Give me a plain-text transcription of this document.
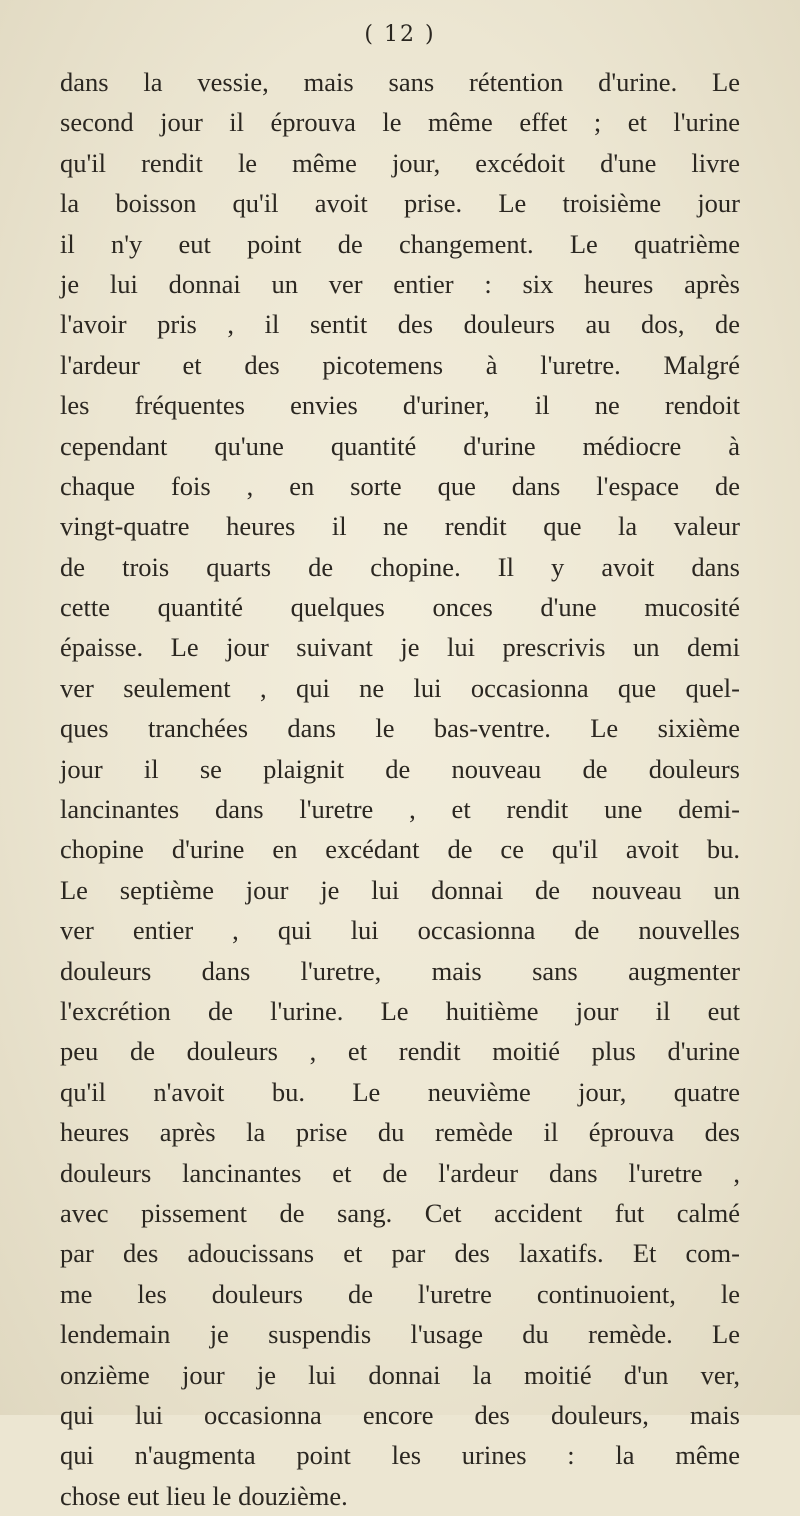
( 12 )
dans la vessie, mais sans rétention d'urine. Le
second jour il éprouva le même effet ; et l'urine
qu'il rendit le même jour, excédoit d'une livre
la boisson qu'il avoit prise. Le troisième jour
il n'y eut point de changement. Le quatrième
je lui donnai un ver entier : six heures après
l'avoir pris , il sentit des douleurs au dos, de
l'ardeur et des picotemens à l'uretre. Malgré
les fréquentes envies d'uriner, il ne rendoit
cependant qu'une quantité d'urine médiocre à
chaque fois , en sorte que dans l'espace de
vingt-quatre heures il ne rendit que la valeur
de trois quarts de chopine. Il y avoit dans
cette quantité quelques onces d'une mucosité
épaisse. Le jour suivant je lui prescrivis un demi
ver seulement , qui ne lui occasionna que quel-
ques tranchées dans le bas-ventre. Le sixième
jour il se plaignit de nouveau de douleurs
lancinantes dans l'uretre , et rendit une demi-
chopine d'urine en excédant de ce qu'il avoit bu.
Le septième jour je lui donnai de nouveau un
ver entier , qui lui occasionna de nouvelles
douleurs dans l'uretre, mais sans augmenter
l'excrétion de l'urine. Le huitième jour il eut
peu de douleurs , et rendit moitié plus d'urine
qu'il n'avoit bu. Le neuvième jour, quatre
heures après la prise du remède il éprouva des
douleurs lancinantes et de l'ardeur dans l'uretre ,
avec pissement de sang. Cet accident fut calmé
par des adoucissans et par des laxatifs. Et com-
me les douleurs de l'uretre continuoient, le
lendemain je suspendis l'usage du remède. Le
onzième jour je lui donnai la moitié d'un ver,
qui lui occasionna encore des douleurs, mais
qui n'augmenta point les urines : la même
chose eut lieu le douzième.
